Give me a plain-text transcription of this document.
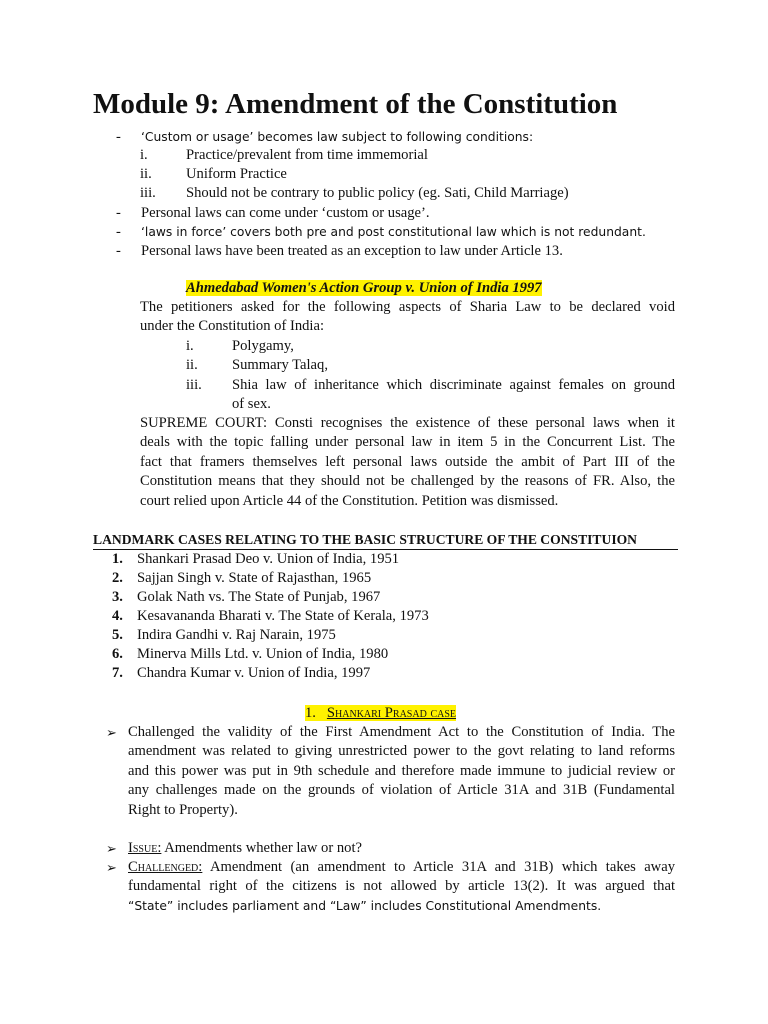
Module 9: Amendment of the Constitution
- ‘Custom or usage’ becomes law subject to following conditions:
i.	Practice/prevalent from time immemorial
ii. Uniform Practice
iii. Should not be contrary to public policy (eg. Sati, Child Marriage)
- Personal laws can come under ‘custom or usage’.
- ‘laws in force’ covers both pre and post constitutional law which is not redundant.
- Personal laws have been treated as an exception to law under Article 13.
Ahmedabad Women's Action Group v. Union of India 1997
The petitioners asked for the following aspects of Sharia Law to be declared void
under the Constitution of India:
i.	Polygamy,
ii. Summary Talaq,
iii. Shia law of inheritance which discriminate against females on ground
of sex.
SUPREME COURT: Consti recognises the existence of these personal laws when it
deals with the topic falling under personal law in item 5 in the Concurrent List. The
fact that framers themselves left personal laws outside the ambit of Part III of the
Constitution means that they should not be challenged by the reasons of FR. Also, the
court relied upon Article 44 of the Constitution. Petition was dismissed.
LANDMARK CASES RELATING TO THE BASIC STRUCTURE OF THE CONSTITUION
1. Shankari Prasad Deo v. Union of India, 1951
2. Sajjan Singh v. State of Rajasthan, 1965
3. Golak Nath vs. The State of Punjab, 1967
4. Kesavananda Bharati v. The State of Kerala, 1973
5. Indira Gandhi v. Raj Narain, 1975
6. Minerva Mills Ltd. v. Union of India, 1980
7. Chandra Kumar v. Union of India, 1997
1. Shankari Prasad case
➢ Challenged the validity of the First Amendment Act to the Constitution of India. The
amendment was related to giving unrestricted power to the govt relating to land reforms
and this power was put in 9th schedule and therefore made immune to judicial review or
any challenges made on the grounds of violation of Article 31A and 31B (Fundamental
Right to Property).
➢ Issue: Amendments whether law or not?
➢ Challenged: Amendment (an amendment to Article 31A and 31B) which takes away
fundamental right of the citizens is not allowed by article 13(2). It was argued that
“State” includes parliament and “Law” includes Constitutional Amendments.
